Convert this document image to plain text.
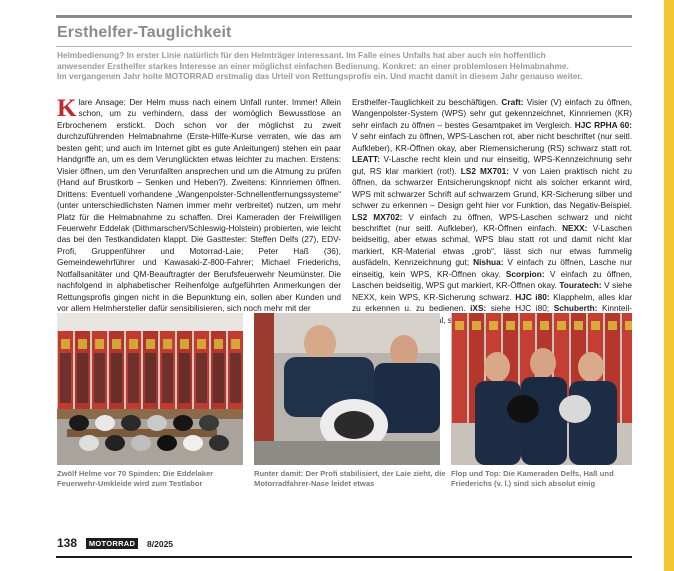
Ersthelfer-Tauglichkeit
Helmbedienung? In erster Linie natürlich für den Helmträger interessant. Im Falle eines Unfalls hat aber auch ein hoffentlich
anwesender Ersthelfer starkes Interesse an einer möglichst einfachen Bedienung. Konkret: an einer problemlosen Helmabnahme.
Im vergangenen Jahr holte MOTORRAD erstmalig das Urteil von Rettungsprofis ein. Und macht damit in diesem Jahr genauso weiter.

Klare Ansage: Der Helm muss nach einem Unfall runter. Immer! Allein schon, um zu verhindern, dass der womöglich Bewusstlose an Erbrochenem erstickt. Doch schon vor der möglichst zu zweit durchzuführenden Helmabnahme (Erste-Hilfe-Kurse verraten, wie das am besten geht; und auch im Internet gibt es gute Anleitungen) stehen ein paar Handgriffe an, um es dem Verunglückten etwas leichter zu machen. Erstens: Visier öffnen, um den Verunfallten ansprechen und um die Atmung zu prüfen (Hand auf Brustkorb – Senken und Heben?). Zweitens: Kinnriemen öffnen. Drittens: Eventuell vorhandene „Wangenpolster-Schnellentfernungssysteme“ (unter unterschiedlichsten Namen immer mehr verbreitet) nutzen, um mehr Platz für die Helmabnahme zu schaffen. Drei Kameraden der Freiwilligen Feuerwehr Eddelak (Dithmarschen/Schleswig-Holstein) probierten, wie leicht das bei den Testkandidaten klappt. Die Gasttester: Steffen Delfs (27), EDV-Profi, Gruppenführer und Motorrad-Laie; Peter Haß (36), Gemeindewehrführer und Kawasaki-Z-800-Fahrer; Michael Friederichs, Notfallsanitäter und QM-Beauftragter der Berufsfeuerwehr Neumünster. Die nachfolgend in alphabetischer Reihenfolge aufgeführten Anmerkungen der Rettungsprofis gingen nicht in die Bepunktung ein, sollen aber Kunden und vor allem Helmhersteller dafür sensibilisieren, sich noch mehr mit der

Ersthelfer-Tauglichkeit zu beschäftigen. Craft: Visier (V) einfach zu öffnen, Wangenpolster-System (WPS) sehr gut gekennzeichnet, Kinnriemen (KR) sehr einfach zu öffnen – bestes Gesamtpaket im Vergleich. HJC RPHA 60: V sehr einfach zu öffnen, WPS-Laschen rot, aber nicht beschriftet (nur seitl. Aufkleber), KR-Öffnen okay, aber Riemensicherung (RS) schwarz statt rot. LEATT: V-Lasche recht klein und nur einseitig, WPS-Kennzeichnung sehr gut, RS klar markiert (rot!). LS2 MX701: V von Laien praktisch nicht zu öffnen, da schwarzer Entsicherungsknopf nicht als solcher erkannt wird, WPS mit schwarzer Schrift auf schwarzem Grund, KR-Sicherung silber und schwer zu erkennen – Design geht hier vor Funktion, das Negativ-Beispiel. LS2 MX702: V einfach zu öffnen, WPS-Laschen schwarz und nicht beschriftet (nur seitl. Aufkleber), KR-Öffnen einfach. NEXX: V-Laschen beidseitig, aber etwas schmal, WPS blau statt rot und damit nicht klar markiert, KR-Material etwas „grob“, lässt sich nur etwas fummelig ausfädeln, Kennzeichnung gut; Nishua: V einfach zu öffnen, Lasche nur einseitig, kein WPS, KR-Öffnen okay. Scorpion: V einfach zu öffnen, Laschen beidseitig, WPS gut markiert, KR-Öffnen okay. Touratech: V siehe NEXX, kein WPS, KR-Sicherung schwarz. HJC i80: Klapphelm, alles klar zu erkennen u. zu bedienen. iXS: siehe HJC i80; Schuberth: Kinnteil-

Zwölf Helme vor 70 Spinden: Die Eddelaker Feuerwehr-Umkleide wird zum Testlabor
Runter damit: Der Profi stabilisiert, der Laie zieht, die Motorradfahrer-Nase leidet etwas
Flop und Top: Die Kameraden Delfs, Haß und Friederichs (v. l.) sind sich absolut einig
138 MOTORRAD 8/2025
